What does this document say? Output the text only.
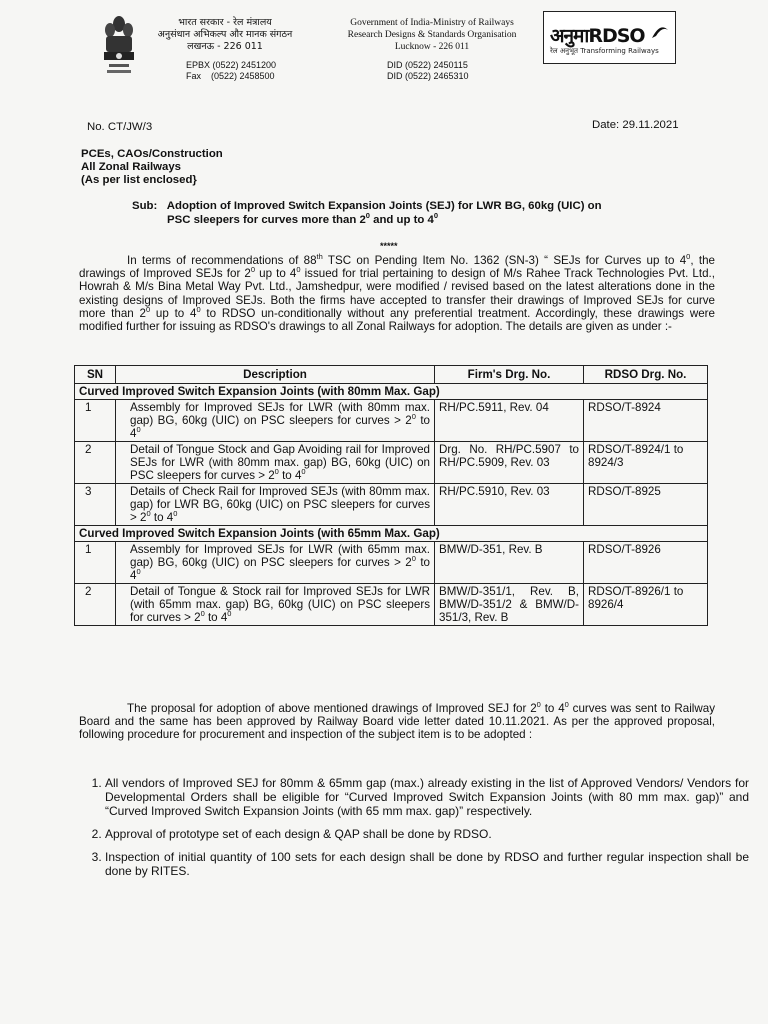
भारत सरकार - रेल मंत्रालय
अनुसंधान अभिकल्प और मानक संगठन
लखनऊ - 226 011
EPBX (0522) 2451200
Fax    (0522) 2458500
Government of India-Ministry of Railways
Research Designs & Standards Organisation
Lucknow - 226 011
DID (0522) 2450115
DID (0522) 2465310
अनुमाRDSO
रेल अनुभूत Transforming Railways
No. CT/JW/3	Date: 29.11.2021
PCEs, CAOs/Construction
All Zonal Railways
(As per list enclosed}
Sub:   Adoption of Improved Switch Expansion Joints (SEJ) for LWR BG, 60kg (UIC) on
PSC sleepers for curves more than $2^0$ and up to $4^0$
*****

In terms of recommendations of 88th TSC on Pending Item No. 1362 (SN-3) “ SEJs for Curves up to $4^0$, the drawings of Improved SEJs for $2^0$ up to $4^0$ issued for trial pertaining to design of M/s Rahee Track Technologies Pvt. Ltd., Howrah & M/s Bina Metal Way Pvt. Ltd., Jamshedpur, were modified / revised based on the latest alterations done in the existing designs of Improved SEJs. Both the firms have accepted to transfer their drawings of Improved SEJs for curve more than $2^0$ up to $4^0$ to RDSO un-conditionally without any preferential treatment. Accordingly, these drawings were modified further for issuing as RDSO's drawings to all Zonal Railways for adoption. The details are given as under :-

SN	Description	Firm's Drg. No.	RDSO Drg. No.
Curved Improved Switch Expansion Joints (with 80mm Max. Gap)			
1	Assembly for Improved SEJs for LWR (with 80mm max. gap) BG, 60kg (UIC) on PSC sleepers for curves > $2^0$ to $4^0$	RH/PC.5911, Rev. 04	RDSO/T-8924
2	Detail of Tongue Stock and Gap Avoiding rail for Improved SEJs for LWR (with 80mm max. gap) BG, 60kg (UIC) on PSC sleepers for curves > $2^0$ to $4^0$	Drg. No. RH/PC.5907 to RH/PC.5909, Rev. 03	RDSO/T-8924/1 to 8924/3
3	Details of Check Rail for Improved SEJs (with 80mm max. gap) for LWR BG, 60kg (UIC) on PSC sleepers for curves > $2^0$ to $4^0$	RH/PC.5910, Rev. 03	RDSO/T-8925
Curved Improved Switch Expansion Joints (with 65mm Max. Gap)			
1	Assembly for Improved SEJs for LWR (with 65mm max. gap) BG, 60kg (UIC) on PSC sleepers for curves > $2^0$ to $4^0$	BMW/D-351, Rev. B	RDSO/T-8926
2	Detail of Tongue & Stock rail for Improved SEJs for LWR (with 65mm max. gap) BG, 60kg (UIC) on PSC sleepers for curves > $2^0$ to $4^0$	BMW/D-351/1, Rev. B, BMW/D-351/2 & BMW/D-351/3, Rev. B	RDSO/T-8926/1 to 8926/4

The proposal for adoption of above mentioned drawings of Improved SEJ for $2^0$ to $4^0$ curves was sent to Railway Board and the same has been approved by Railway Board vide letter dated 10.11.2021. As per the approved proposal, following procedure for procurement and inspection of the subject item is to be adopted :

1. All vendors of Improved SEJ for 80mm & 65mm gap (max.) already existing in the list of Approved Vendors/ Vendors for Developmental Orders shall be eligible for “Curved Improved Switch Expansion Joints (with 80 mm max. gap)” and “Curved Improved Switch Expansion Joints (with 65 mm max. gap)” respectively.
2. Approval of prototype set of each design & QAP shall be done by RDSO.
3. Inspection of initial quantity of 100 sets for each design shall be done by RDSO and further regular inspection shall be done by RITES.
